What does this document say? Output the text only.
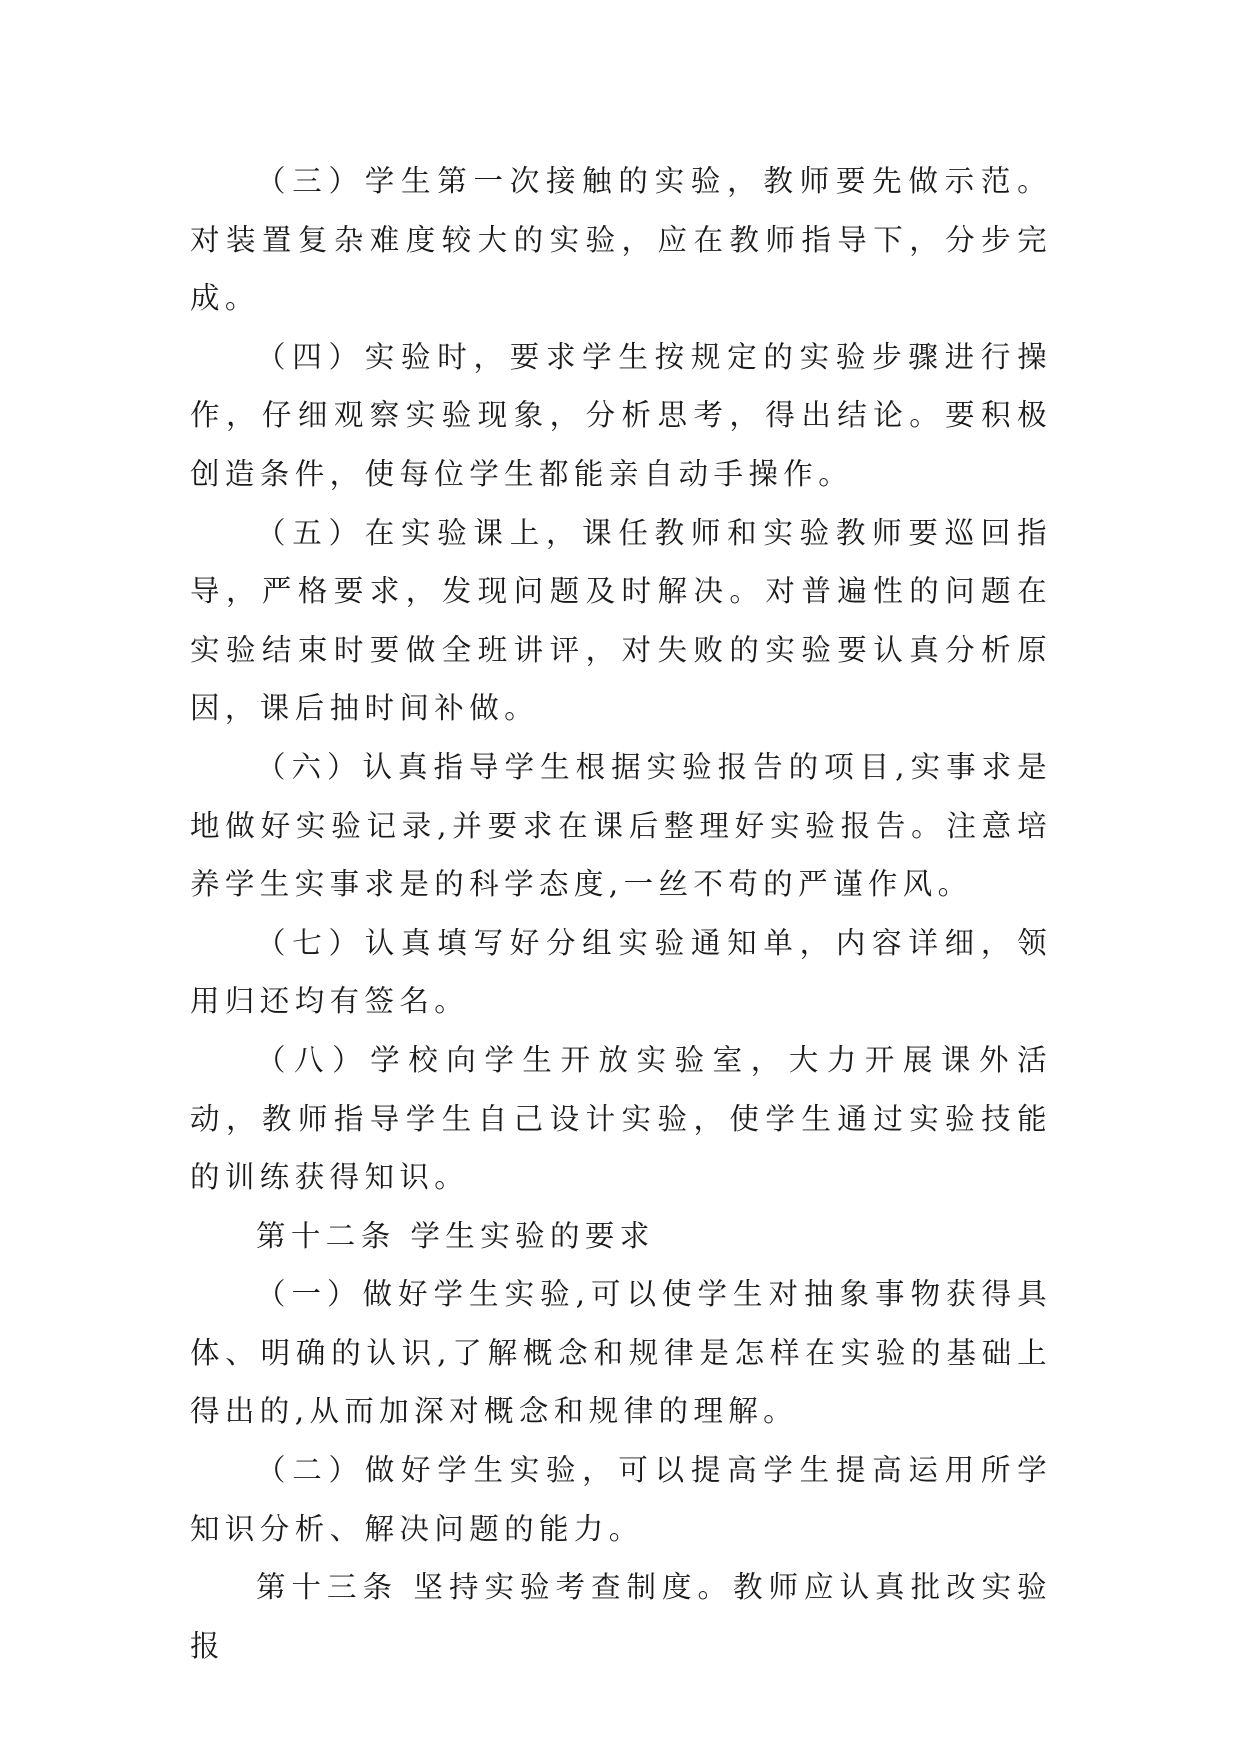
（三）学生第一次接触的实验，教师要先做示范。对装置复杂难度较大的实验，应在教师指导下，分步完成。

（四）实验时，要求学生按规定的实验步骤进行操作，仔细观察实验现象，分析思考，得出结论。要积极创造条件，使每位学生都能亲自动手操作。

（五）在实验课上，课任教师和实验教师要巡回指导，严格要求，发现问题及时解决。对普遍性的问题在实验结束时要做全班讲评，对失败的实验要认真分析原因，课后抽时间补做。

（六）认真指导学生根据实验报告的项目,实事求是地做好实验记录,并要求在课后整理好实验报告。注意培养学生实事求是的科学态度,一丝不苟的严谨作风。

（七）认真填写好分组实验通知单，内容详细，领用归还均有签名。

（八）学校向学生开放实验室，大力开展课外活动，教师指导学生自己设计实验，使学生通过实验技能的训练获得知识。

第十二条 学生实验的要求

（一）做好学生实验,可以使学生对抽象事物获得具体、明确的认识,了解概念和规律是怎样在实验的基础上得出的,从而加深对概念和规律的理解。

（二）做好学生实验，可以提高学生提高运用所学知识分析、解决问题的能力。

第十三条 坚持实验考查制度。教师应认真批改实验报
